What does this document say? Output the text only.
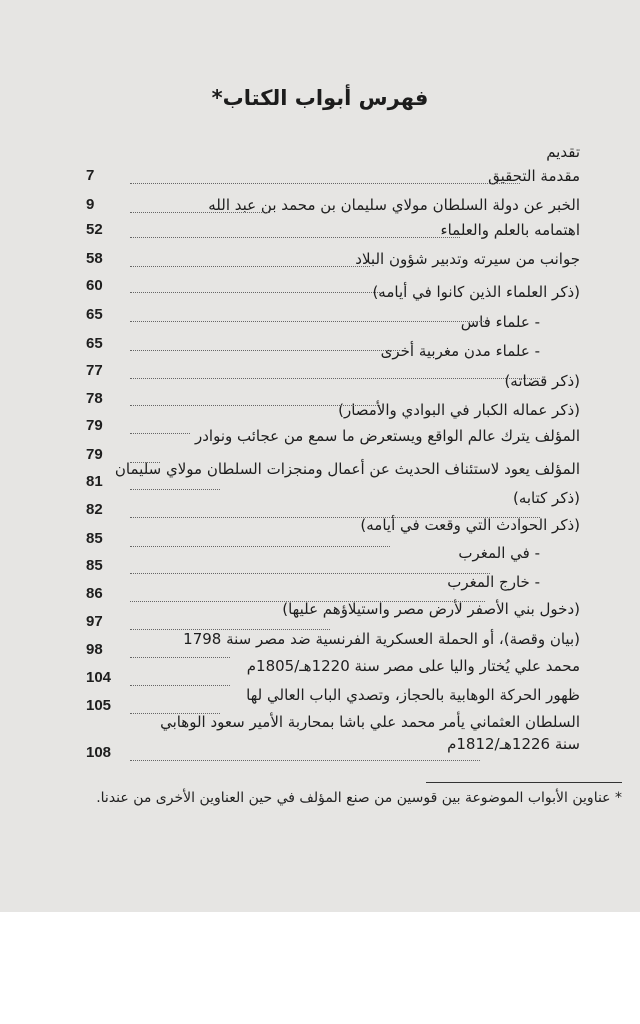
فهرس أبواب الكتاب*
تقديم
مقدمة التحقيق
الخبر عن دولة السلطان مولاي سليمان بن محمد بن عبد الله
اهتمامه بالعلم والعلماء
جوانب من سيرته وتدبير شؤون البلاد
(ذكر العلماء الذين كانوا في أيامه)
- علماء فاس
- علماء مدن مغربية أخرى
(ذكر قضاته)
(ذكر عماله الكبار في البوادي والأمصار)
المؤلف يترك عالم الواقع ويستعرض ما سمع من عجائب ونوادر
المؤلف يعود لاستئناف الحديث عن أعمال ومنجزات السلطان مولاي سليمان
(ذكر كتابه)
(ذكر الحوادث التي وقعت في أيامه)
- في المغرب
- خارج المغرب
(دخول بني الأصفر لأرض مصر واستيلاؤهم عليها)
(بيان وقصة)، أو الحملة العسكرية الفرنسية ضد مصر سنة 1798
محمد علي يُختار واليا على مصر سنة 1220هـ/1805م
ظهور الحركة الوهابية بالحجاز، وتصدي الباب العالي لها
السلطان العثماني يأمر محمد علي باشا بمحاربة الأمير سعود الوهابي
سنة 1226هـ/1812م
7
9
52
58
60
65
65
77
78
79
79
81
82
85
85
86
97
98
104
105
108
* عناوين الأبواب الموضوعة بين قوسين من صنع المؤلف في حين العناوين الأخرى من عندنا.
